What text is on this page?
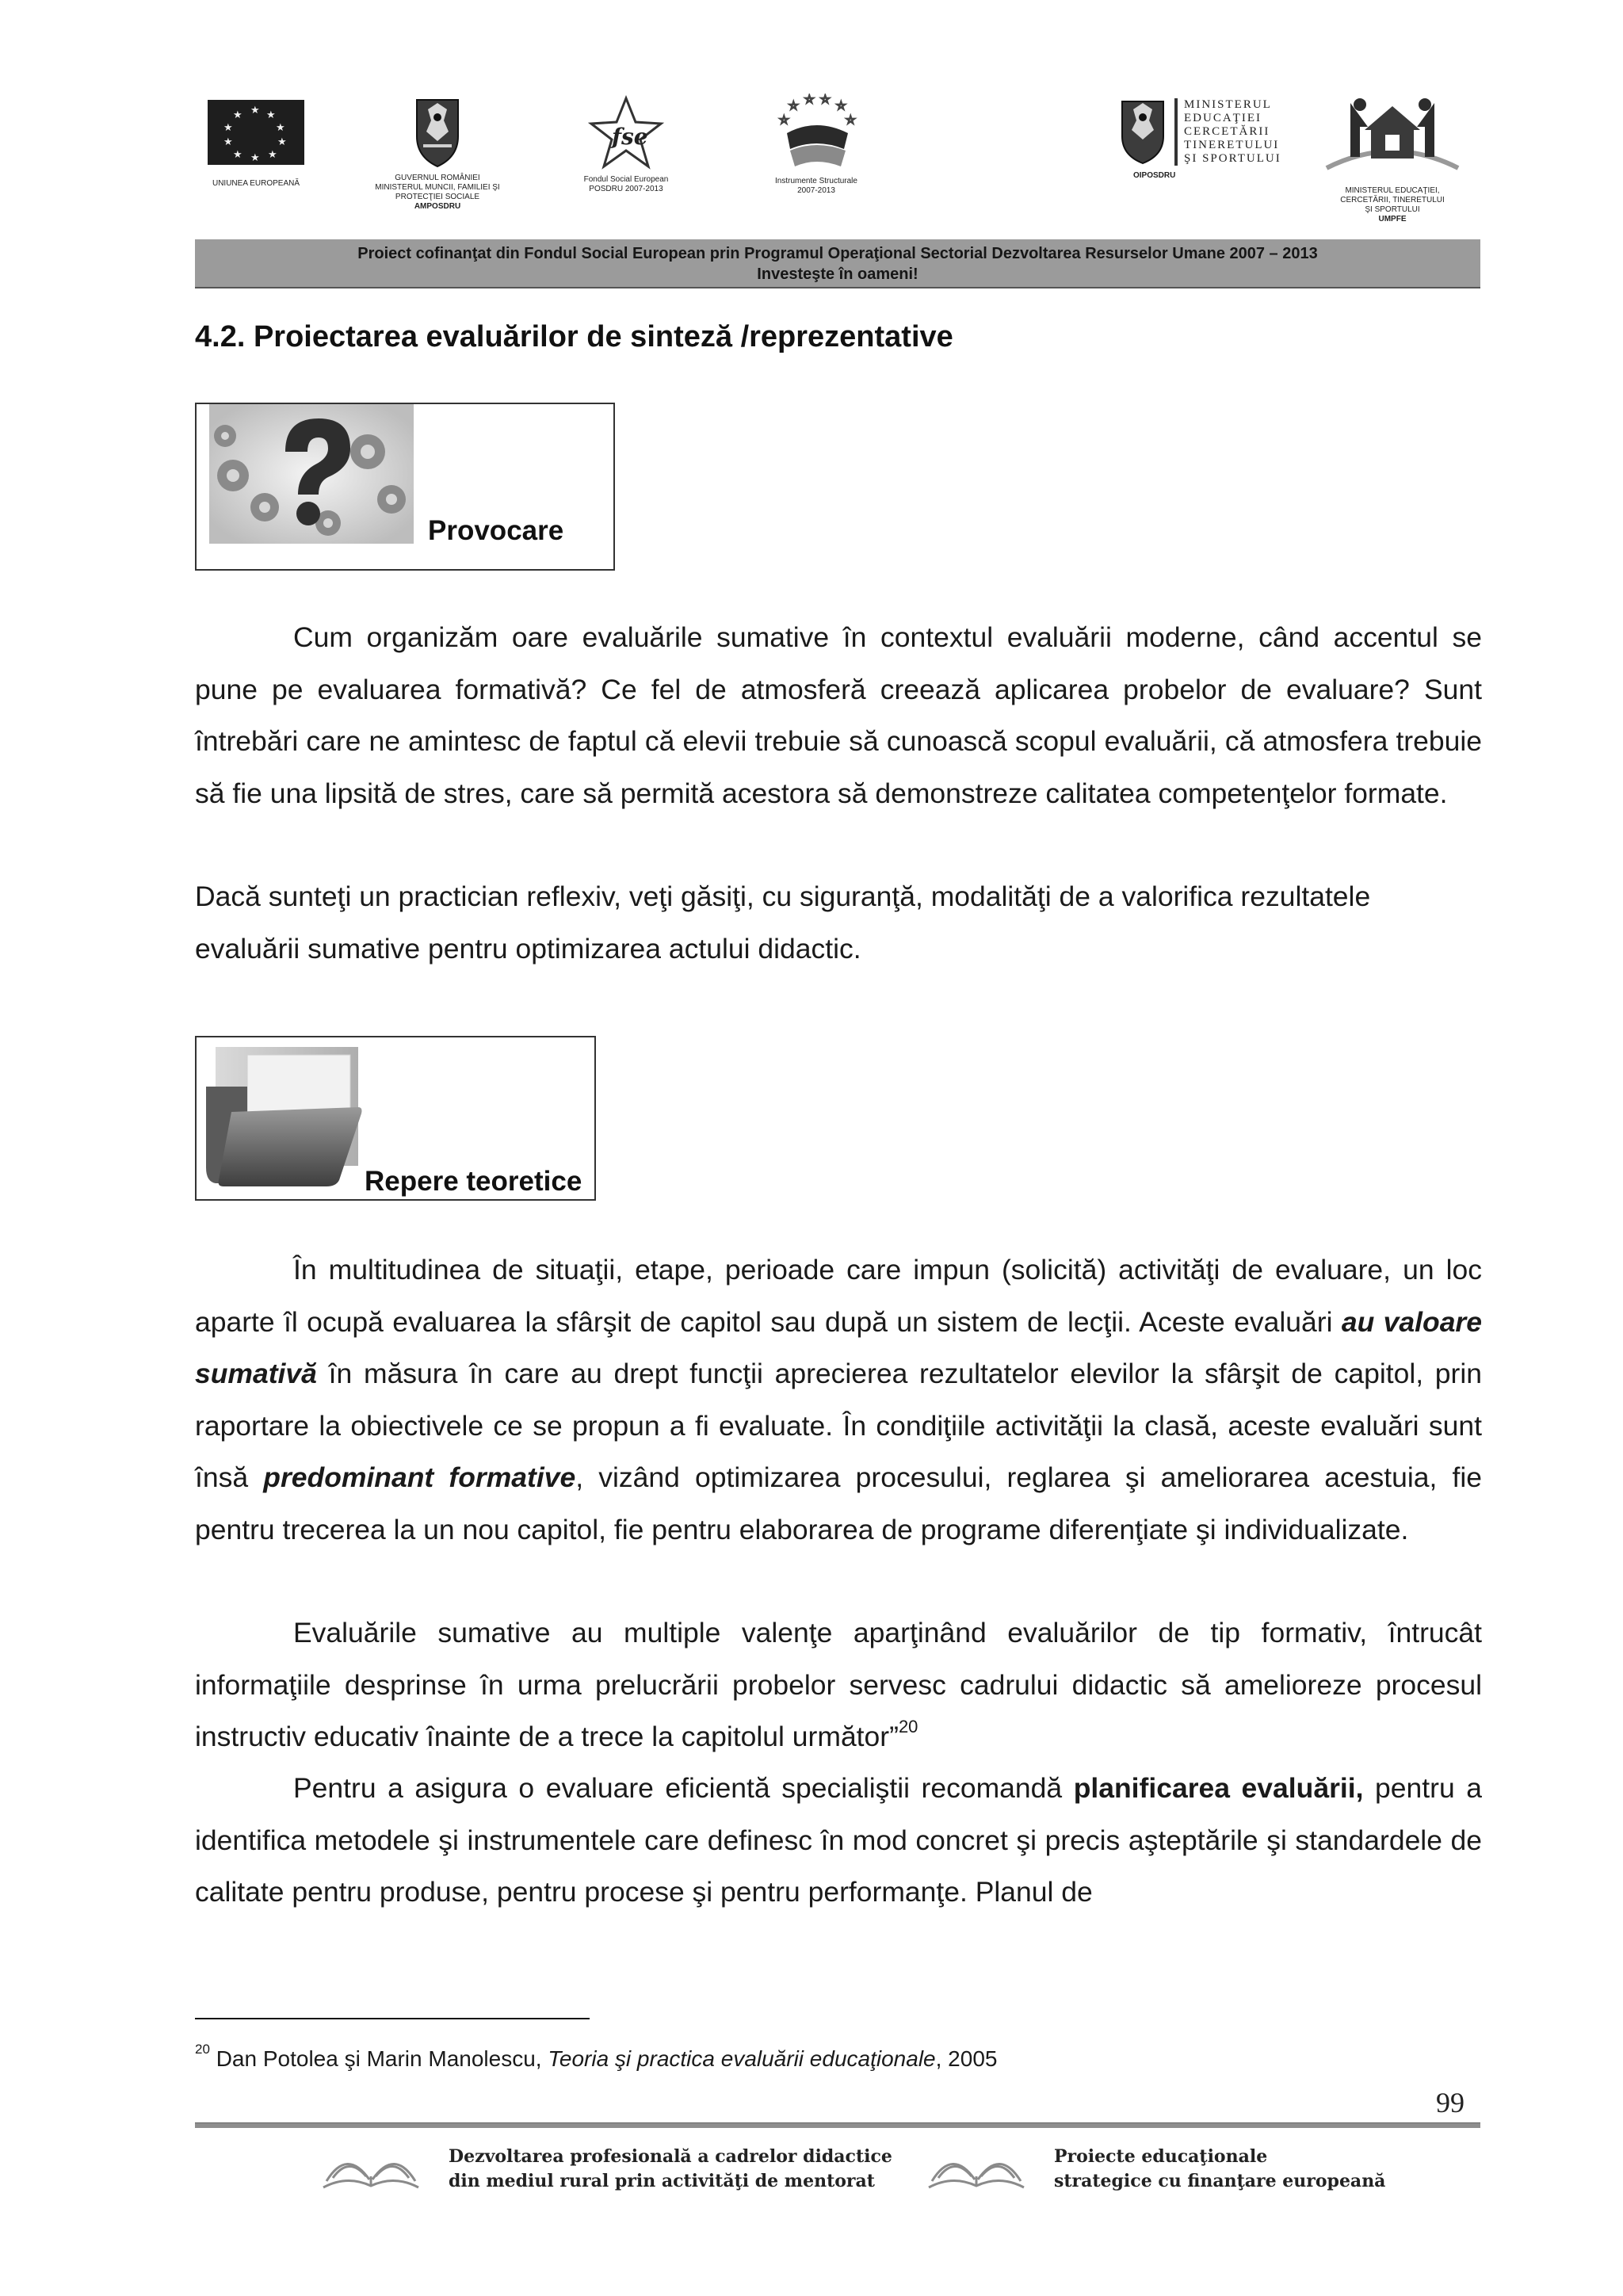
★ ★
★
★
★
★
★
★
★
★
UNIUNEA EUROPEANĂ
GUVERNUL ROMÂNIEI
MINISTERUL MUNCII, FAMILIEI ŞI
PROTECŢIEI SOCIALE
AMPOSDRU
fse
Fondul Social European
POSDRU 2007-2013
☆ ☆ ☆ ☆
☆
☆
Instrumente Structurale
2007-2013
MINISTERUL
EDUCAŢIEI
CERCETĂRII
TINERETULUI
ŞI SPORTULUI
OIPOSDRU
MINISTERUL EDUCAŢIEI,
CERCETĂRII, TINERETULUI
ŞI SPORTULUI
UMPFE
Proiect cofinanţat din Fondul Social European prin Programul Operaţional Sectorial Dezvoltarea Resurselor Umane 2007 – 2013
Investeşte în oameni!
4.2. Proiectarea evaluărilor de sinteză /reprezentative
Provocare
Cum organizăm oare evaluările sumative în contextul evaluării moderne, când accentul se pune pe evaluarea formativă? Ce fel de atmosferă creează aplicarea probelor de evaluare? Sunt întrebări care ne amintesc de faptul că elevii trebuie să cunoască scopul evaluării, că atmosfera trebuie să fie una lipsită de stres, care să permită acestora să demonstreze calitatea competenţelor formate.
Dacă sunteţi un practician reflexiv, veţi găsiţi, cu siguranţă, modalităţi de a valorifica rezultatele evaluării sumative pentru optimizarea actului didactic.
Repere teoretice
În multitudinea de situaţii, etape, perioade care impun (solicită) activităţi de evaluare, un loc aparte îl ocupă evaluarea la sfârşit de capitol sau după un sistem de lecţii. Aceste evaluări au valoare sumativă în măsura în care au drept funcţii aprecierea rezultatelor elevilor la sfârşit de capitol, prin raportare la obiectivele ce se propun a fi evaluate. În condiţiile activităţii la clasă, aceste evaluări sunt însă predominant formative, vizând optimizarea procesului, reglarea şi ameliorarea acestuia, fie pentru trecerea la un nou capitol, fie pentru elaborarea de programe diferenţiate şi individualizate.
Evaluările sumative au multiple valenţe aparţinând evaluărilor de tip formativ, întrucât informaţiile desprinse în urma prelucrării probelor servesc cadrului didactic să amelioreze procesul instructiv educativ înainte de a trece la capitolul următor”$^{20}$
Pentru a asigura o evaluare eficientă specialiştii recomandă planificarea evaluării, pentru a identifica metodele şi instrumentele care definesc în mod concret şi precis aşteptările şi standardele de calitate pentru produse, pentru procese şi pentru performanţe. Planul de
$^{20}$ Dan Potolea şi Marin Manolescu, Teoria şi practica evaluării educaţionale, 2005
99
Dezvoltarea profesională a cadrelor didactice
din mediul rural prin activităţi de mentorat
Proiecte educaţionale
strategice cu finanţare europeană
